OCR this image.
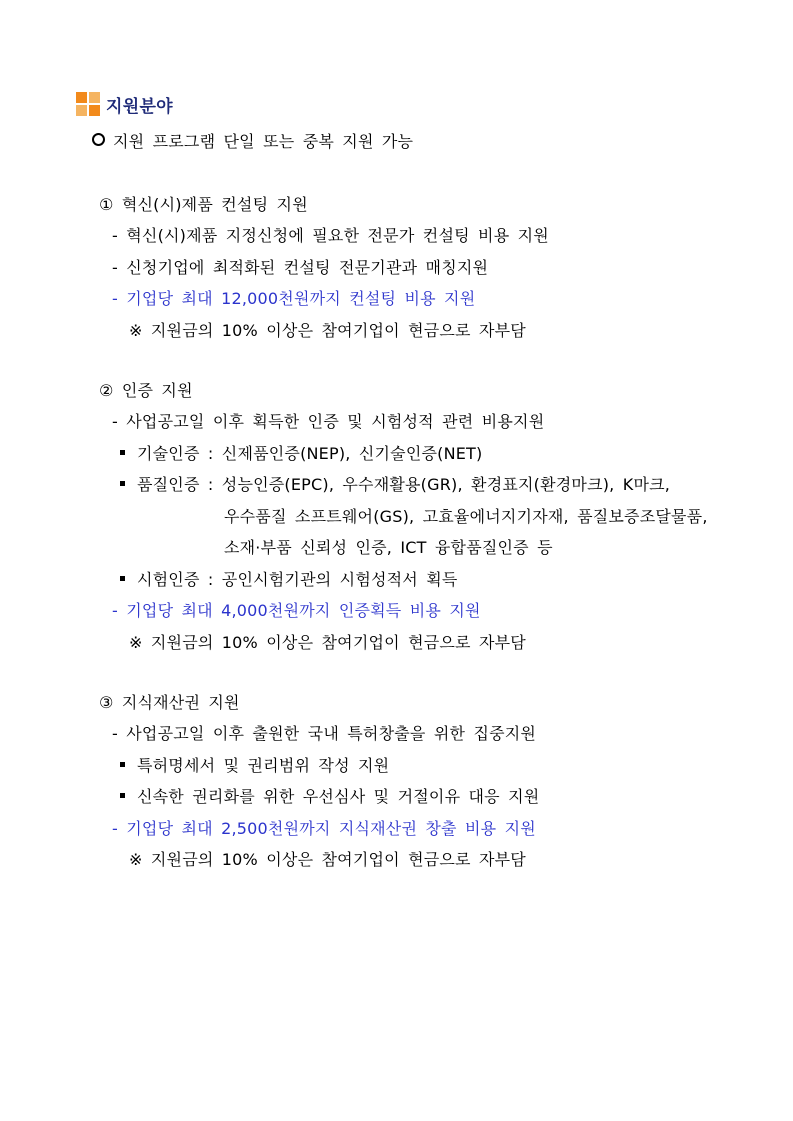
지원분야
지원 프로그램 단일 또는 중복 지원 가능
① 혁신(시)제품 컨설팅 지원
- 혁신(시)제품 지정신청에 필요한 전문가 컨설팅 비용 지원
- 신청기업에 최적화된 컨설팅 전문기관과 매칭지원
- 기업당 최대 12,000천원까지 컨설팅 비용 지원
※ 지원금의 10% 이상은 참여기업이 현금으로 자부담
② 인증 지원
- 사업공고일 이후 획득한 인증 및 시험성적 관련 비용지원
기술인증 : 신제품인증(NEP), 신기술인증(NET)
품질인증 : 성능인증(EPC), 우수재활용(GR), 환경표지(환경마크), K마크,
우수품질 소프트웨어(GS), 고효율에너지기자재, 품질보증조달물품,
소재·부품 신뢰성 인증, ICT 융합품질인증 등
시험인증 : 공인시험기관의 시험성적서 획득
- 기업당 최대 4,000천원까지 인증획득 비용 지원
※ 지원금의 10% 이상은 참여기업이 현금으로 자부담
③ 지식재산권 지원
- 사업공고일 이후 출원한 국내 특허창출을 위한 집중지원
특허명세서 및 권리범위 작성 지원
신속한 권리화를 위한 우선심사 및 거절이유 대응 지원
- 기업당 최대 2,500천원까지 지식재산권 창출 비용 지원
※ 지원금의 10% 이상은 참여기업이 현금으로 자부담
